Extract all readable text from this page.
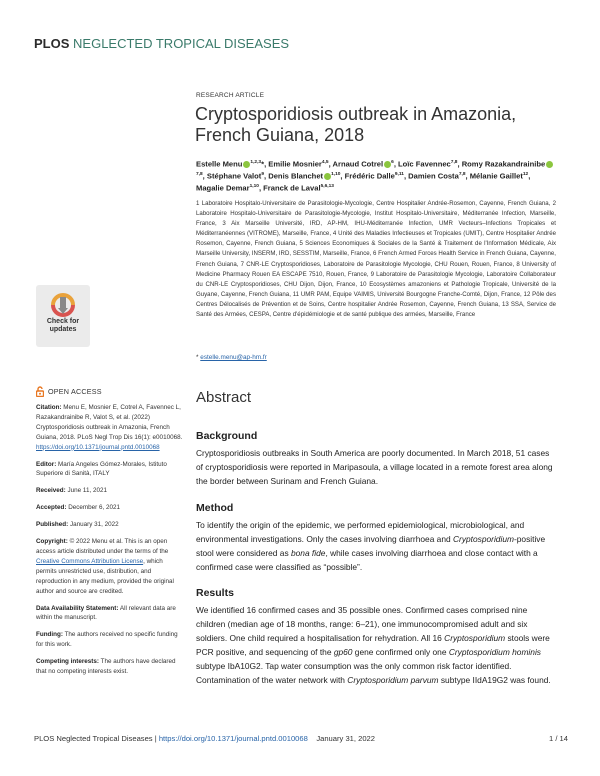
PLOS NEGLECTED TROPICAL DISEASES
RESEARCH ARTICLE
Cryptosporidiosis outbreak in Amazonia,
French Guiana, 2018
Estelle Menu $^{1,2,3}$*, Emilie Mosnier$^{4,5}$, Arnaud Cotrel $^6$, Loïc Favennec$^{7,8}$, Romy Razakandrainibe$^{7,8}$, Stéphane Valot$^9$, Denis Blanchet $^{1,10}$, Frédéric Dalle$^{9,11}$, Damien Costa$^{7,8}$, Mélanie Gaillet$^{12}$, Magalie Demar$^{1,10}$, Franck de Laval$^{5,6,13}$
1 Laboratoire Hospitalo-Universitaire de Parasitologie-Mycologie, Centre Hospitalier Andrée-Rosemon, Cayenne, French Guiana, 2 Laboratoire Hospitalo-Universitaire de Parasitologie-Mycologie, Institut Hospitalo-Universitaire, Méditerranée Infection, Marseille, France, 3 Aix Marseille Université, IRD, AP-HM, IHU-Méditerranée Infection, UMR Vecteurs–Infections Tropicales et Méditerranéennes (VITROME), Marseille, France, 4 Unité des Maladies Infectieuses et Tropicales (UMIT), Centre Hospitalier Andrée Rosemon, Cayenne, French Guiana, 5 Sciences Economiques & Sociales de la Santé & Traitement de l'Information Médicale, Aix Marseille University, INSERM, IRD, SESSTIM, Marseille, France, 6 French Armed Forces Health Service in French Guiana, Cayenne, French Guiana, 7 CNR-LE Cryptosporidioses, Laboratoire de Parasitologie Mycologie, CHU Rouen, Rouen, France, 8 University of Medicine Pharmacy Rouen EA ESCAPE 7510, Rouen, France, 9 Laboratoire de Parasitologie Mycologie, Laboratoire Collaborateur du CNR-LE Cryptosporidioses, CHU Dijon, Dijon, France, 10 Ecosystèmes amazoniens et Pathologie Tropicale, Université de la Guyane, Cayenne, French Guiana, 11 UMR PAM, Equipe VAIMIS, Université Bourgogne Franche-Comté, Dijon, France, 12 Pôle des Centres Délocalisés de Prévention et de Soins, Centre hospitalier Andrée Rosemon, Cayenne, French Guiana, 13 SSA, Service de Santé des Armées, CESPA, Centre d'épidémiologie et de santé publique des armées, Marseille, France
* estelle.menu@ap-hm.fr
Check for
updates
OPEN ACCESS
Citation: Menu E, Mosnier E, Cotrel A, Favennec L, Razakandrainibe R, Valot S, et al. (2022) Cryptosporidiosis outbreak in Amazonia, French Guiana, 2018. PLoS Negl Trop Dis 16(1): e0010068. https://doi.org/10.1371/journal.pntd.0010068
Editor: María Angeles Gómez-Morales, Istituto Superiore di Sanità, ITALY
Received: June 11, 2021
Accepted: December 6, 2021
Published: January 31, 2022
Copyright: © 2022 Menu et al. This is an open access article distributed under the terms of the Creative Commons Attribution License, which permits unrestricted use, distribution, and reproduction in any medium, provided the original author and source are credited.
Data Availability Statement: All relevant data are within the manuscript.
Funding: The authors received no specific funding for this work.
Competing interests: The authors have declared that no competing interests exist.
Abstract
Background
Cryptosporidiosis outbreaks in South America are poorly documented. In March 2018, 51 cases of cryptosporidiosis were reported in Maripasoula, a village located in a remote forest area along the border between Surinam and French Guiana.
Method
To identify the origin of the epidemic, we performed epidemiological, microbiological, and environmental investigations. Only the cases involving diarrhoea and Cryptosporidium-positive stool were considered as bona fide, while cases involving diarrhoea and close contact with a confirmed case were classified as “possible”.
Results
We identified 16 confirmed cases and 35 possible ones. Confirmed cases comprised nine children (median age of 18 months, range: 6–21), one immunocompromised adult and six soldiers. One child required a hospitalisation for rehydration. All 16 Cryptosporidium stools were PCR positive, and sequencing of the gp60 gene confirmed only one Cryptosporidium hominis subtype IbA10G2. Tap water consumption was the only common risk factor identified. Contamination of the water network with Cryptosporidium parvum subtype IIdA19G2 was found.
PLOS Neglected Tropical Diseases | https://doi.org/10.1371/journal.pntd.0010068 January 31, 2022	1 / 14
